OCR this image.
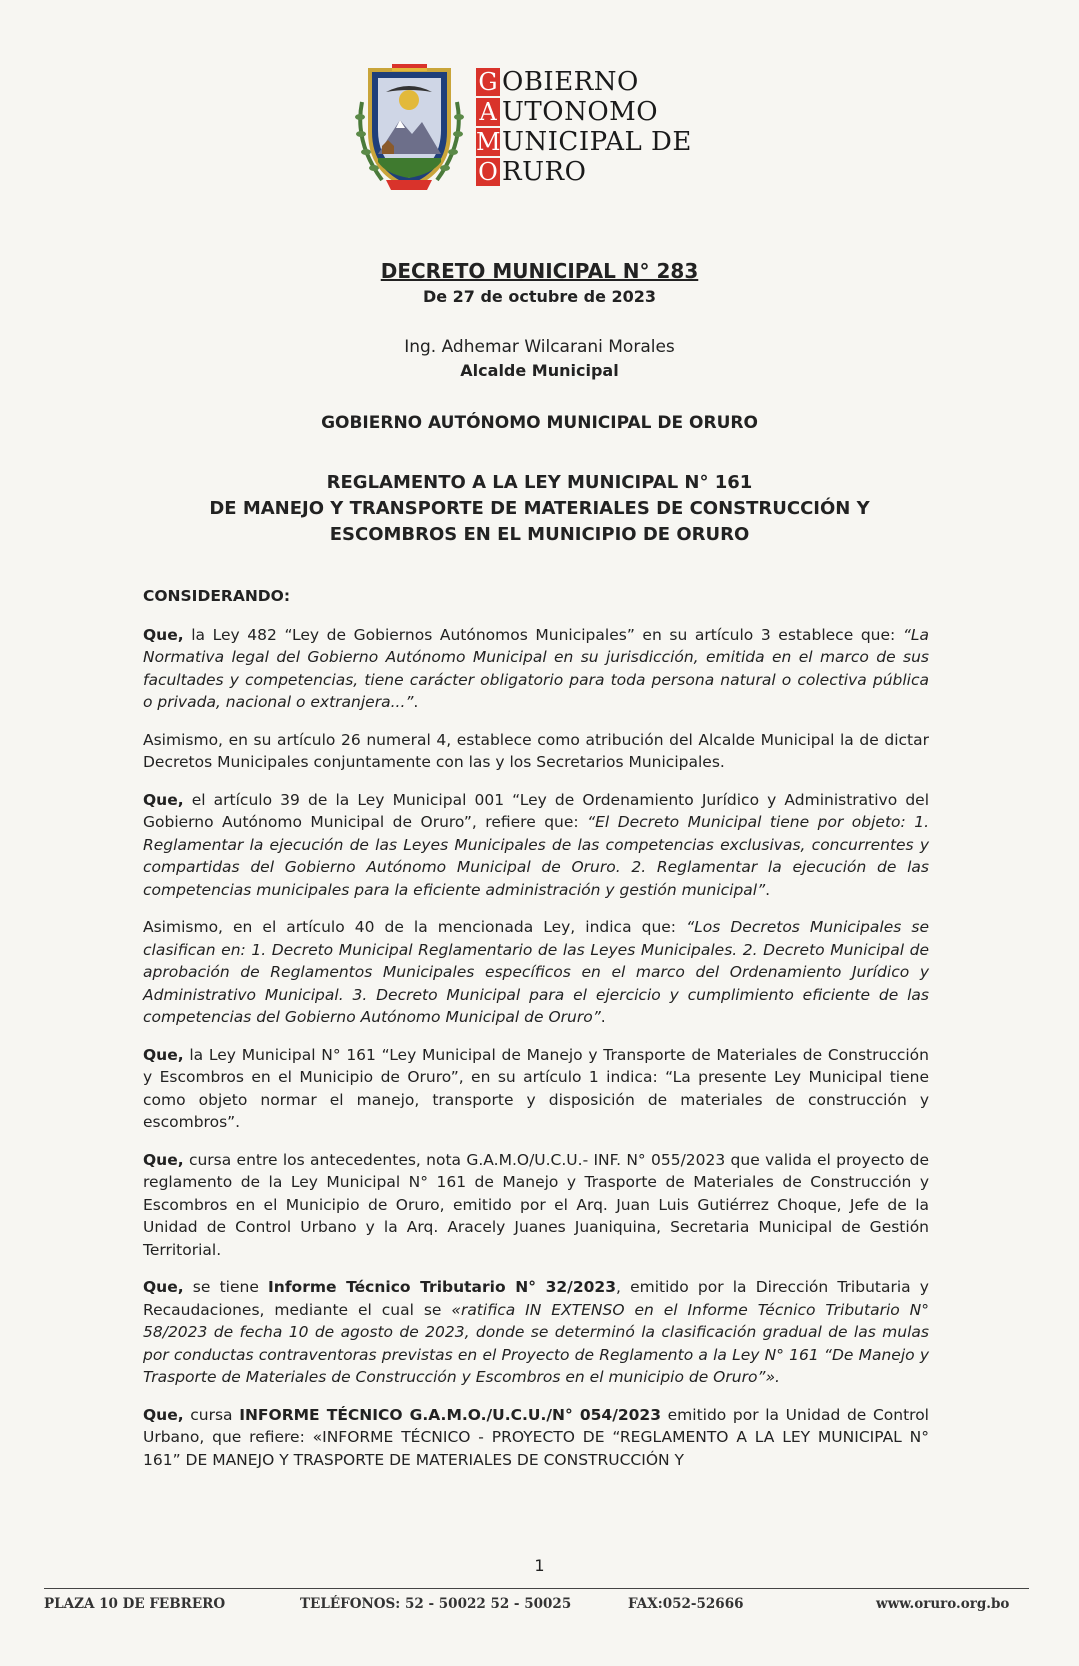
G
A
M
O
OBIERNO
UTONOMO
UNICIPAL DE
RURO
DECRETO MUNICIPAL N° 283
De 27 de octubre de 2023
Ing. Adhemar Wilcarani Morales
Alcalde Municipal
GOBIERNO AUTÓNOMO MUNICIPAL DE ORURO
REGLAMENTO A LA LEY MUNICIPAL N° 161
DE MANEJO Y TRANSPORTE DE MATERIALES DE CONSTRUCCIÓN Y
ESCOMBROS EN EL MUNICIPIO DE ORURO

CONSIDERANDO:

Que, la Ley 482 “Ley de Gobiernos Autónomos Municipales” en su artículo 3 establece que: “La Normativa legal del Gobierno Autónomo Municipal en su jurisdicción, emitida en el marco de sus facultades y competencias, tiene carácter obligatorio para toda persona natural o colectiva pública o privada, nacional o extranjera...”.

Asimismo, en su artículo 26 numeral 4, establece como atribución del Alcalde Municipal la de dictar Decretos Municipales conjuntamente con las y los Secretarios Municipales.

Que, el artículo 39 de la Ley Municipal 001 “Ley de Ordenamiento Jurídico y Administrativo del Gobierno Autónomo Municipal de Oruro”, refiere que: “El Decreto Municipal tiene por objeto: 1. Reglamentar la ejecución de las Leyes Municipales de las competencias exclusivas, concurrentes y compartidas del Gobierno Autónomo Municipal de Oruro. 2. Reglamentar la ejecución de las competencias municipales para la eficiente administración y gestión municipal”.

Asimismo, en el artículo 40 de la mencionada Ley, indica que: “Los Decretos Municipales se clasifican en: 1. Decreto Municipal Reglamentario de las Leyes Municipales. 2. Decreto Municipal de aprobación de Reglamentos Municipales específicos en el marco del Ordenamiento Jurídico y Administrativo Municipal. 3. Decreto Municipal para el ejercicio y cumplimiento eficiente de las competencias del Gobierno Autónomo Municipal de Oruro”.

Que, la Ley Municipal N° 161 “Ley Municipal de Manejo y Transporte de Materiales de Construcción y Escombros en el Municipio de Oruro”, en su artículo 1 indica: “La presente Ley Municipal tiene como objeto normar el manejo, transporte y disposición de materiales de construcción y escombros”.

Que, cursa entre los antecedentes, nota G.A.M.O/U.C.U.- INF. N° 055/2023 que valida el proyecto de reglamento de la Ley Municipal N° 161 de Manejo y Trasporte de Materiales de Construcción y Escombros en el Municipio de Oruro, emitido por el Arq. Juan Luis Gutiérrez Choque, Jefe de la Unidad de Control Urbano y la Arq. Aracely Juanes Juaniquina, Secretaria Municipal de Gestión Territorial.

Que, se tiene Informe Técnico Tributario N° 32/2023, emitido por la Dirección Tributaria y Recaudaciones, mediante el cual se «ratifica IN EXTENSO en el Informe Técnico Tributario N° 58/2023 de fecha 10 de agosto de 2023, donde se determinó la clasificación gradual de las mulas por conductas contraventoras previstas en el Proyecto de Reglamento a la Ley N° 161 “De Manejo y Trasporte de Materiales de Construcción y Escombros en el municipio de Oruro”».

Que, cursa INFORME TÉCNICO G.A.M.O./U.C.U./N° 054/2023 emitido por la Unidad de Control Urbano, que refiere: «INFORME TÉCNICO - PROYECTO DE “REGLAMENTO A LA LEY MUNICIPAL N° 161” DE MANEJO Y TRASPORTE DE MATERIALES DE CONSTRUCCIÓN Y

1
PLAZA 10 DE FEBRERO	TELÉFONOS: 52 - 50022 52 - 50025	FAX:052-52666	www.oruro.org.bo
